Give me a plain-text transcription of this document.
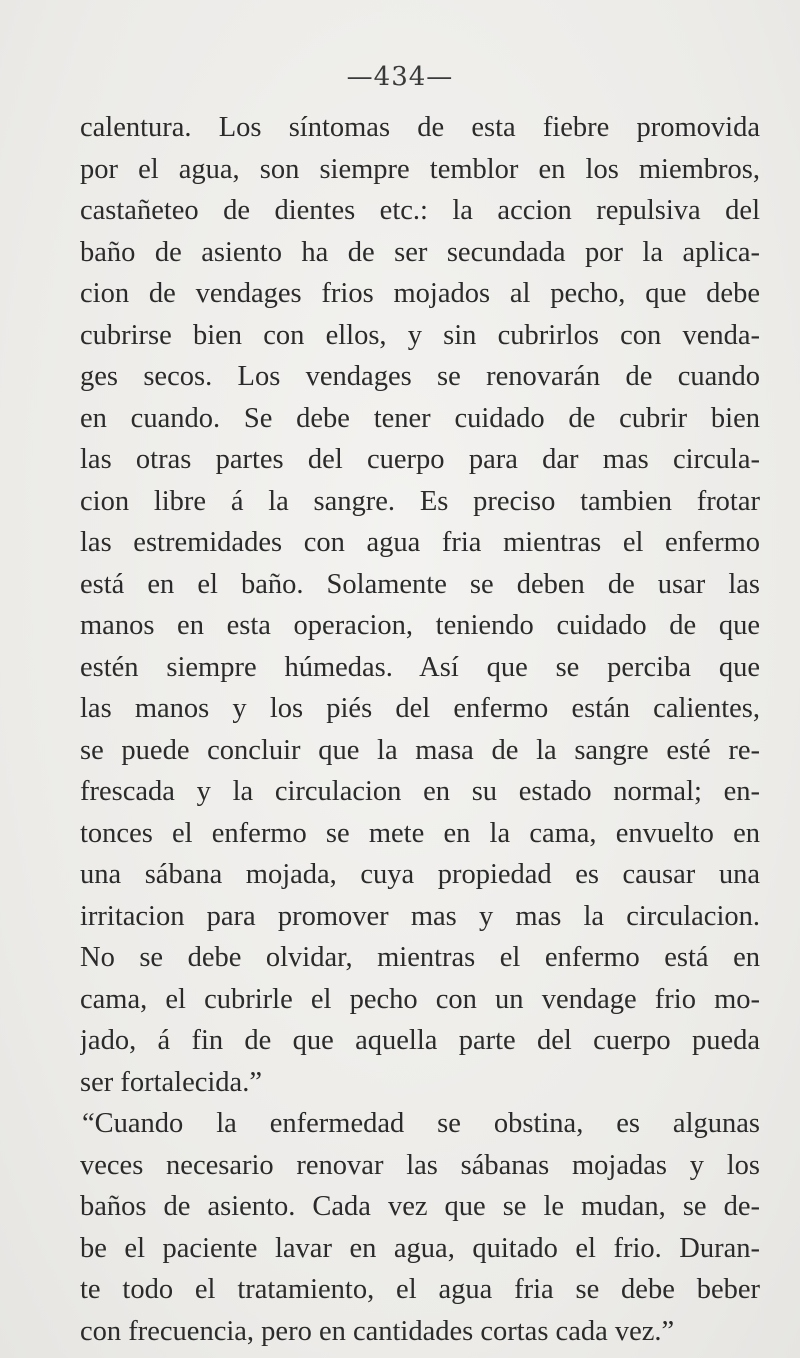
—434—
calentura. Los síntomas de esta fiebre promovida
por el agua, son siempre temblor en los miembros,
castañeteo de dientes etc.: la accion repulsiva del
baño de asiento ha de ser secundada por la aplica-
cion de vendages frios mojados al pecho, que debe
cubrirse bien con ellos, y sin cubrirlos con venda-
ges secos. Los vendages se renovarán de cuando
en cuando. Se debe tener cuidado de cubrir bien
las otras partes del cuerpo para dar mas circula-
cion libre á la sangre. Es preciso tambien frotar
las estremidades con agua fria mientras el enfermo
está en el baño. Solamente se deben de usar las
manos en esta operacion, teniendo cuidado de que
estén siempre húmedas. Así que se perciba que
las manos y los piés del enfermo están calientes,
se puede concluir que la masa de la sangre esté re-
frescada y la circulacion en su estado normal; en-
tonces el enfermo se mete en la cama, envuelto en
una sábana mojada, cuya propiedad es causar una
irritacion para promover mas y mas la circulacion.
No se debe olvidar, mientras el enfermo está en
cama, el cubrirle el pecho con un vendage frio mo-
jado, á fin de que aquella parte del cuerpo pueda
ser fortalecida.”
“Cuando la enfermedad se obstina, es algunas
veces necesario renovar las sábanas mojadas y los
baños de asiento. Cada vez que se le mudan, se de-
be el paciente lavar en agua, quitado el frio. Duran-
te todo el tratamiento, el agua fria se debe beber
con frecuencia, pero en cantidades cortas cada vez.”
